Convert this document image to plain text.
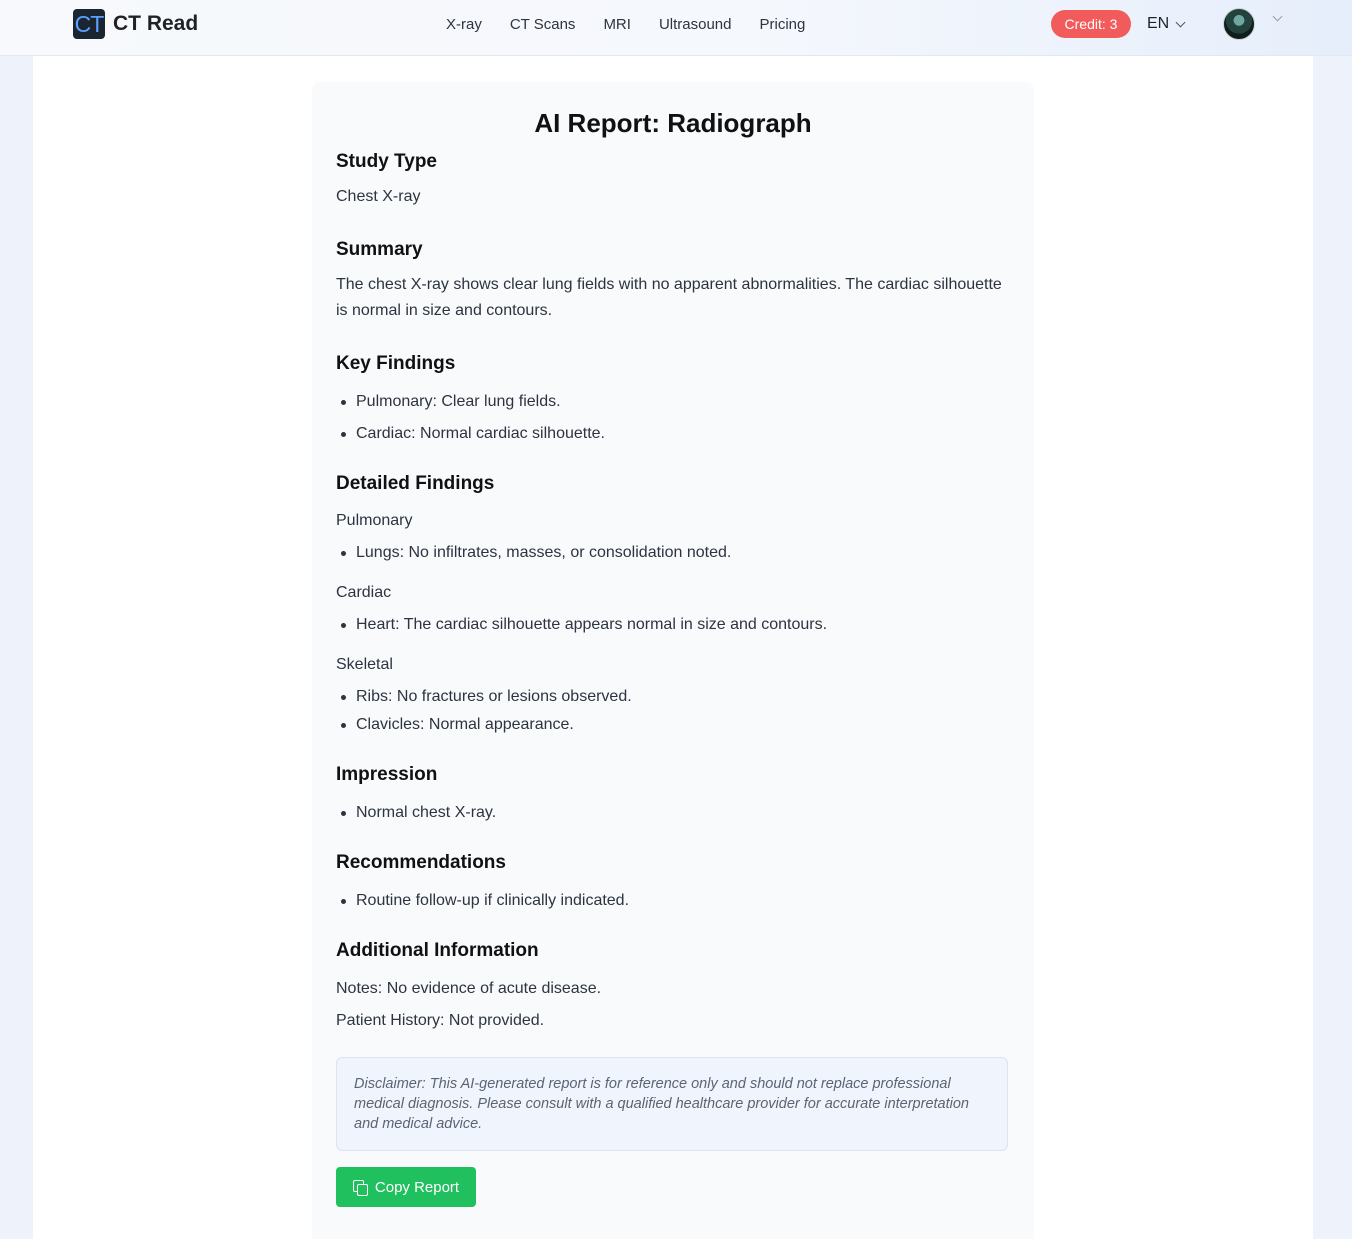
CT CT Read	X-ray CT Scans MRI Ultrasound Pricing	Credit: 3	EN
AI Report: Radiograph
Study Type
Chest X-ray
Summary
The chest X-ray shows clear lung fields with no apparent abnormalities. The cardiac silhouette is normal in size and contours.
Key Findings
Pulmonary: Clear lung fields.
Cardiac: Normal cardiac silhouette.
Detailed Findings
Pulmonary
Lungs: No infiltrates, masses, or consolidation noted.
Cardiac
Heart: The cardiac silhouette appears normal in size and contours.
Skeletal
Ribs: No fractures or lesions observed.
Clavicles: Normal appearance.
Impression
Normal chest X-ray.
Recommendations
Routine follow-up if clinically indicated.
Additional Information
Notes: No evidence of acute disease.
Patient History: Not provided.
Disclaimer: This AI-generated report is for reference only and should not replace professional medical diagnosis. Please consult with a qualified healthcare provider for accurate interpretation and medical advice.
Copy Report
